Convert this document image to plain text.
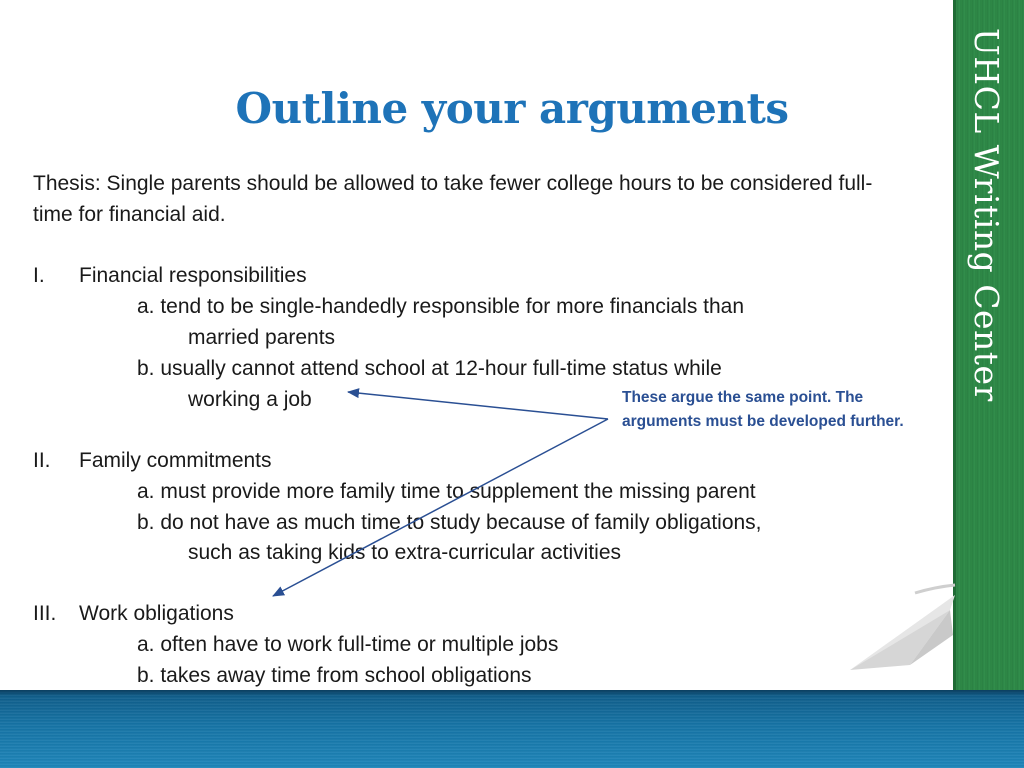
UHCL Writing Center
Outline your arguments
Thesis: Single parents should be allowed to take fewer college hours to be considered full-
time for financial aid.
I. Financial responsibilities
a. tend to be single-handedly responsible for more financials than
married parents
b. usually cannot attend school at 12-hour full-time status while
working a job
II. Family commitments
a. must provide more family time to supplement the missing parent
b. do not have as much time to study because of family obligations,
such as taking kids to extra-curricular activities
III. Work obligations
a. often have to work full-time or multiple jobs
b. takes away time from school obligations
These argue the same point. The
arguments must be developed further.
